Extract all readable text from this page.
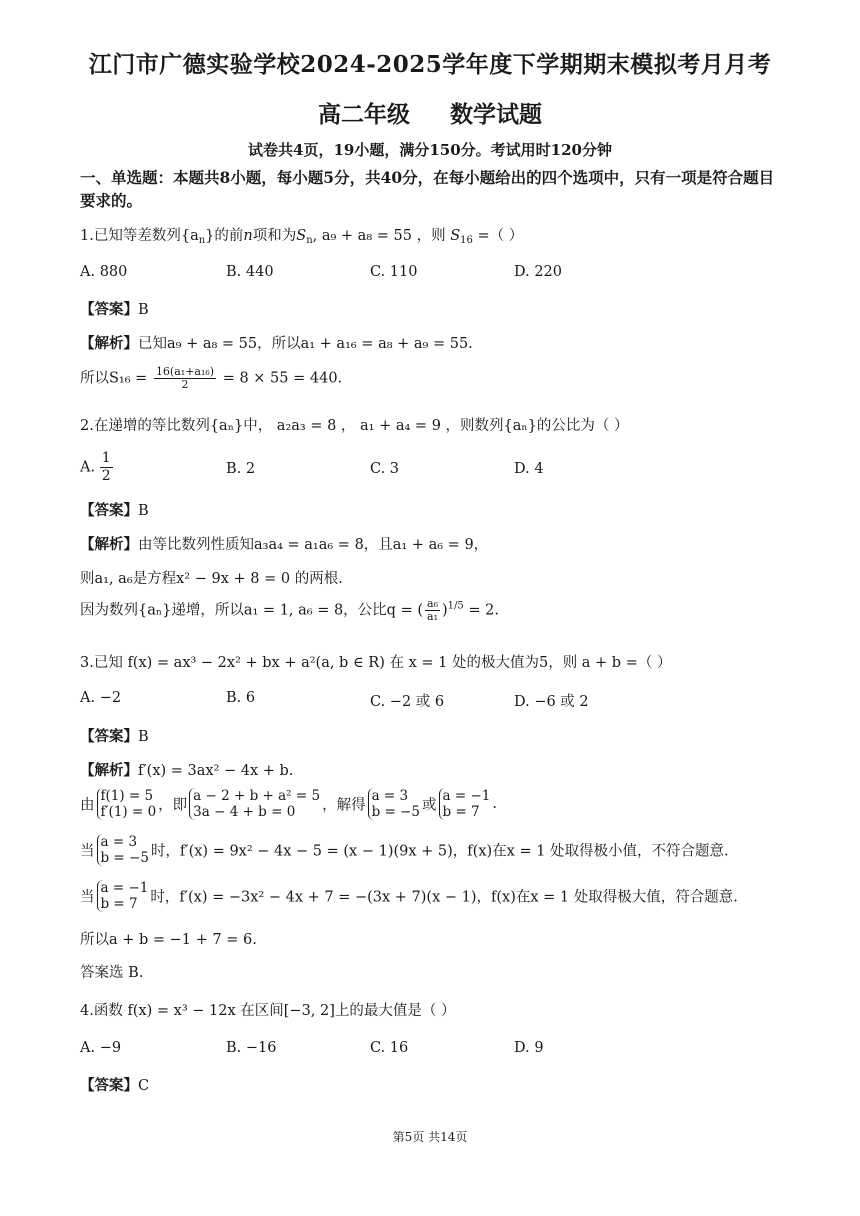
江门市广德实验学校2024-2025学年度下学期期末模拟考月月考
高二年级 数学试题
试卷共4页，19小题，满分150分。考试用时120分钟
一、单选题：本题共8小题，每小题5分，共40分，在每小题给出的四个选项中，只有一项是符合题目要求的。
1.已知等差数列$\{a_n\}$的前n项和为$S_n$, a₉ + a₈ = 55 ，则 $S_{16}$ =（ ）
A. 880	B. 440	C. 110	D. 220
【答案】B
【解析】已知a₉ + a₈ = 55，所以a₁ + a₁₆ = a₈ + a₉ = 55.
所以$S_{16} = \frac{\text{16(a₁+a₁₆)}}{2} = 8 \times 55 = 440$.
2.在递增的等比数列{aₙ}中， a₂a₃ = 8 ， a₁ + a₄ = 9 ，则数列{aₙ}的公比为（ ）
A. $\frac{1}{2}$	B. 2	C. 3	D. 4
【答案】B
【解析】由等比数列性质知a₃a₄ = a₁a₆ = 8，且a₁ + a₆ = 9，
则a₁, a₆是方程x² − 9x + 8 = 0 的两根.
因为数列{aₙ}递增，所以a₁ = 1, a₆ = 8，公比q = ( $\frac{\text{a₆}}{\text{a₁}} )^{1/5} = 2$.
3.已知 f(x) = ax³ − 2x² + bx + a²(a, b ∈ R) 在 x = 1 处的极大值为5，则 a + b =（ ）
A. −2	B. 6	C. −2 或 6	D. −6 或 2
【答案】B
【解析】f′(x) = 3ax² − 4x + b.
由
f(1) = 5
f′(1) = 0 ，即
a − 2 + b + a² = 5
3a − 4 + b = 0	，解得
a = 3
b = −5 或
a = −1
b = 7 .
当
a = 3
b = −5 时，f′(x) = 9x² − 4x − 5 = (x − 1)(9x + 5)，f(x)在x = 1 处取得极小值，不符合题意.
当
a = −1
b = 7 时，f′(x) = −3x² − 4x + 7 = −(3x + 7)(x − 1)，f(x)在x = 1 处取得极大值，符合题意.
所以a + b = −1 + 7 = 6.
答案选 B.
4.函数 f(x) = x³ − 12x 在区间[−3, 2]上的最大值是（ ）
A. −9	B. −16	C. 16	D. 9
【答案】C
第5页 共14页
